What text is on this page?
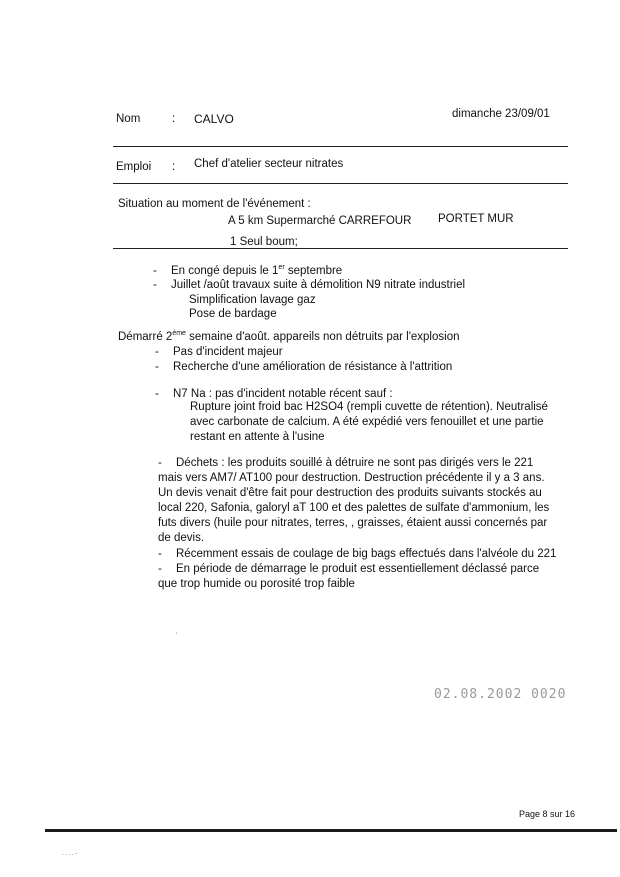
Nom	: CALVO	dimanche 23/09/01
Emploi : Chef d'atelier secteur nitrates
Situation au moment de l'événement :
A 5 km Supermarché CARREFOUR PORTET MUR
1 Seul boum;
- En congé depuis le 1er septembre
- Juillet /août travaux suite à démolition N9 nitrate industriel
Simplification lavage gaz
Pose de bardage
Démarré 2ème semaine d'août. appareils non détruits par l'explosion
- Pas d'incident majeur
- Recherche d'une amélioration de résistance à l'attrition
- N7 Na : pas d'incident notable récent sauf :
Rupture joint froid bac H2SO4 (rempli cuvette de rétention). Neutralisé
avec carbonate de calcium. A été expédié vers fenouillet et une partie
restant en attente à l'usine
- Déchets : les produits souillé à détruire ne sont pas dirigés vers le 221
mais vers AM7/ AT100 pour destruction. Destruction précédente il y a 3 ans.
Un devis venait d'être fait pour destruction des produits suivants stockés au
local 220, Safonia, galoryl aT 100 et des palettes de sulfate d'ammonium, les
futs divers (huile pour nitrates, terres, , graisses, étaient aussi concernés par
de devis.
- Récemment essais de coulage de big bags effectués dans l'alvéole du 221
- En période de démarrage le produit est essentiellement déclassé parce
que trop humide ou porosité trop faible
'
02.08.2002 0020
Page 8 sur 16
. . . . -
